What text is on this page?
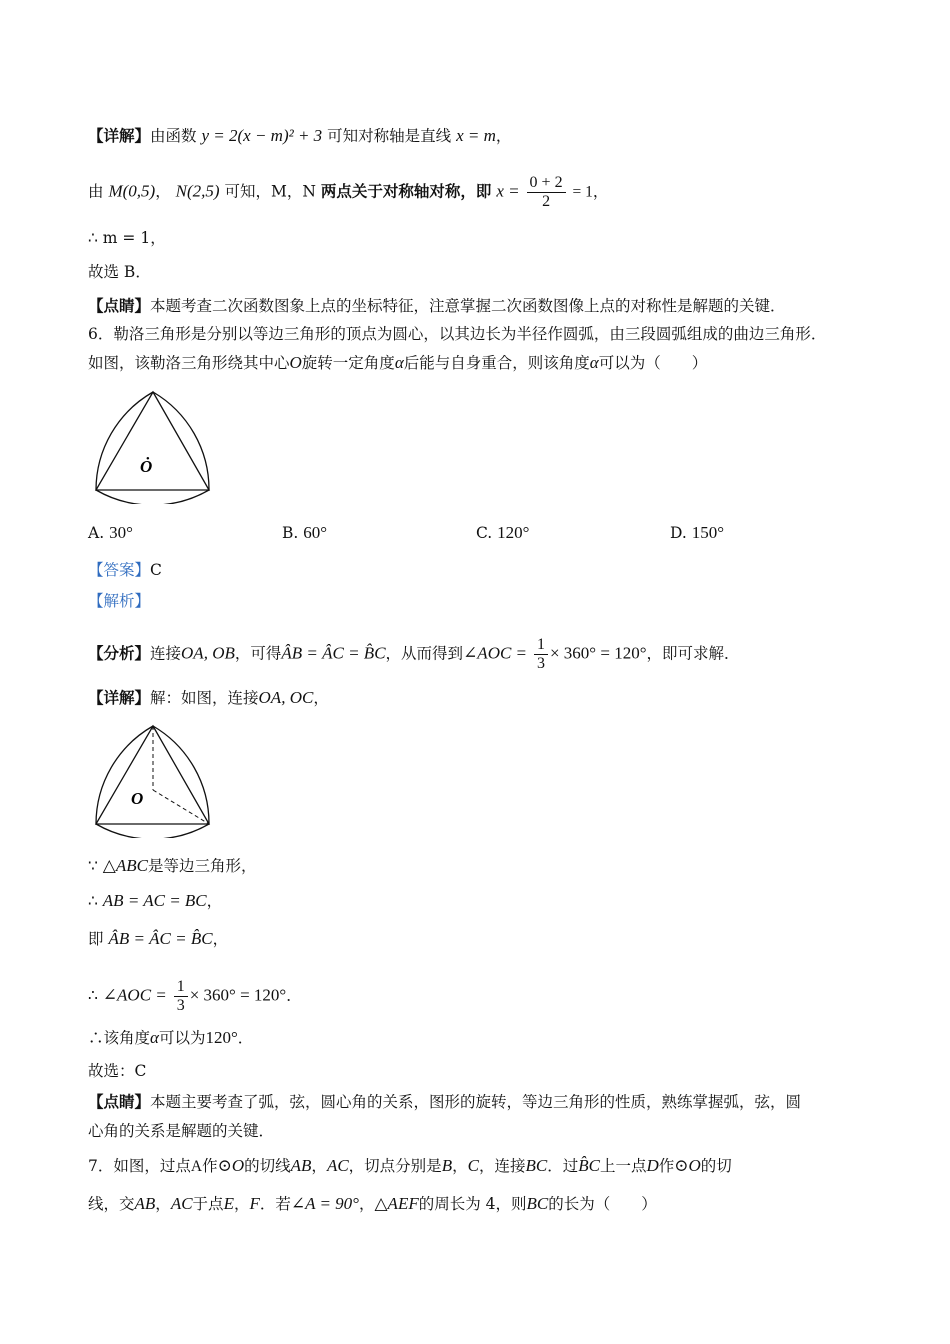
【详解】由函数 y = 2(x − m)² + 3 可知对称轴是直线 x = m，
由 M(0,5)， N(2,5) 可知，M，N 两点关于对称轴对称，即 $x = \frac{0 + 2}{2} = 1$，
∴ m = 1，
故选 B．
【点睛】本题考查二次函数图象上点的坐标特征，注意掌握二次函数图像上点的对称性是解题的关键．
6．勒洛三角形是分别以等边三角形的顶点为圆心，以其边长为半径作圆弧，由三段圆弧组成的曲边三角形．
如图，该勒洛三角形绕其中心O旋转一定角度α后能与自身重合，则该角度α可以为（　　）
Ȯ
A. 30°	B. 60°	C. 120°	D. 150°
【答案】C
【解析】
【分析】连接OA, OB，可得ÂB = ÂC = B̂C，从而得到∠AOC = $\frac{1}{3} \times 360^\circ = 120^\circ$，即可求解．
【详解】解：如图，连接OA, OC，
O
∵ △ABC是等边三角形，
∴ AB = AC = BC，
即 ÂB = ÂC = B̂C，
∴ ∠AOC = $\frac{1}{3} \times 360^\circ = 120^\circ$．
∴该角度α可以为120°．
故选：C
【点睛】本题主要考查了弧，弦，圆心角的关系，图形的旋转，等边三角形的性质，熟练掌握弧，弦，圆
心角的关系是解题的关键．
7．如图，过点A作⊙O的切线AB，AC，切点分别是B，C，连接BC．过B̂C上一点D作⊙O的切
线，交AB，AC于点E，F．若∠A = 90°，△AEF的周长为 4，则BC的长为（　　）
